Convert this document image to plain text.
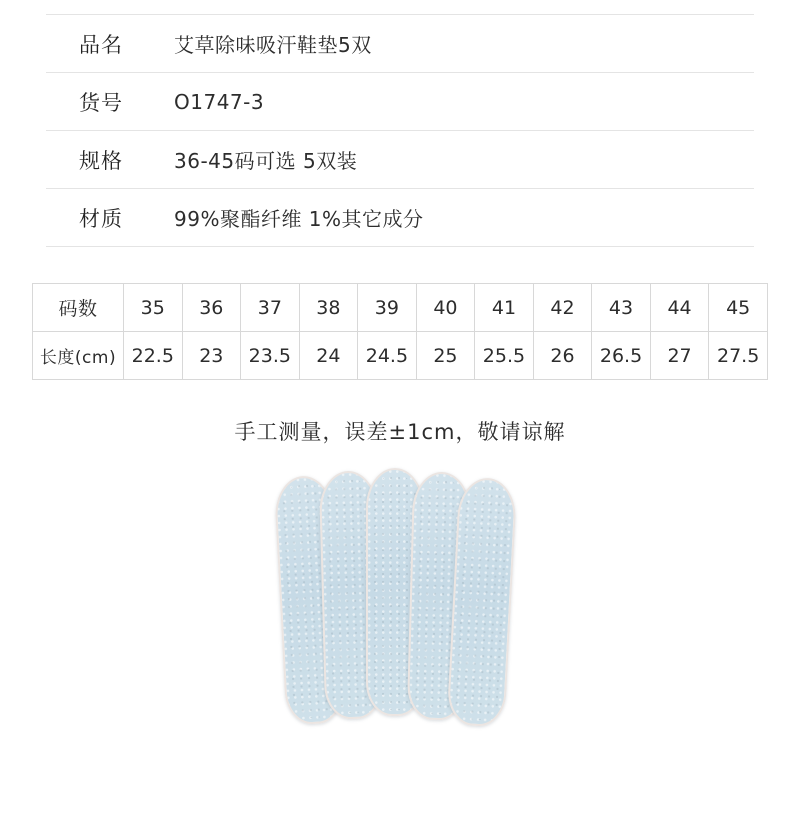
品名	艾草除味吸汗鞋垫5双
货号	O1747-3
规格	36-45码可选 5双装
材质	99%聚酯纤维 1%其它成分
码数	35	36	37	38	39	40	41	42	43	44	45
长度(cm)	22.5	23	23.5	24	24.5	25	25.5	26	26.5	27	27.5
手工测量，误差±1cm，敬请谅解
